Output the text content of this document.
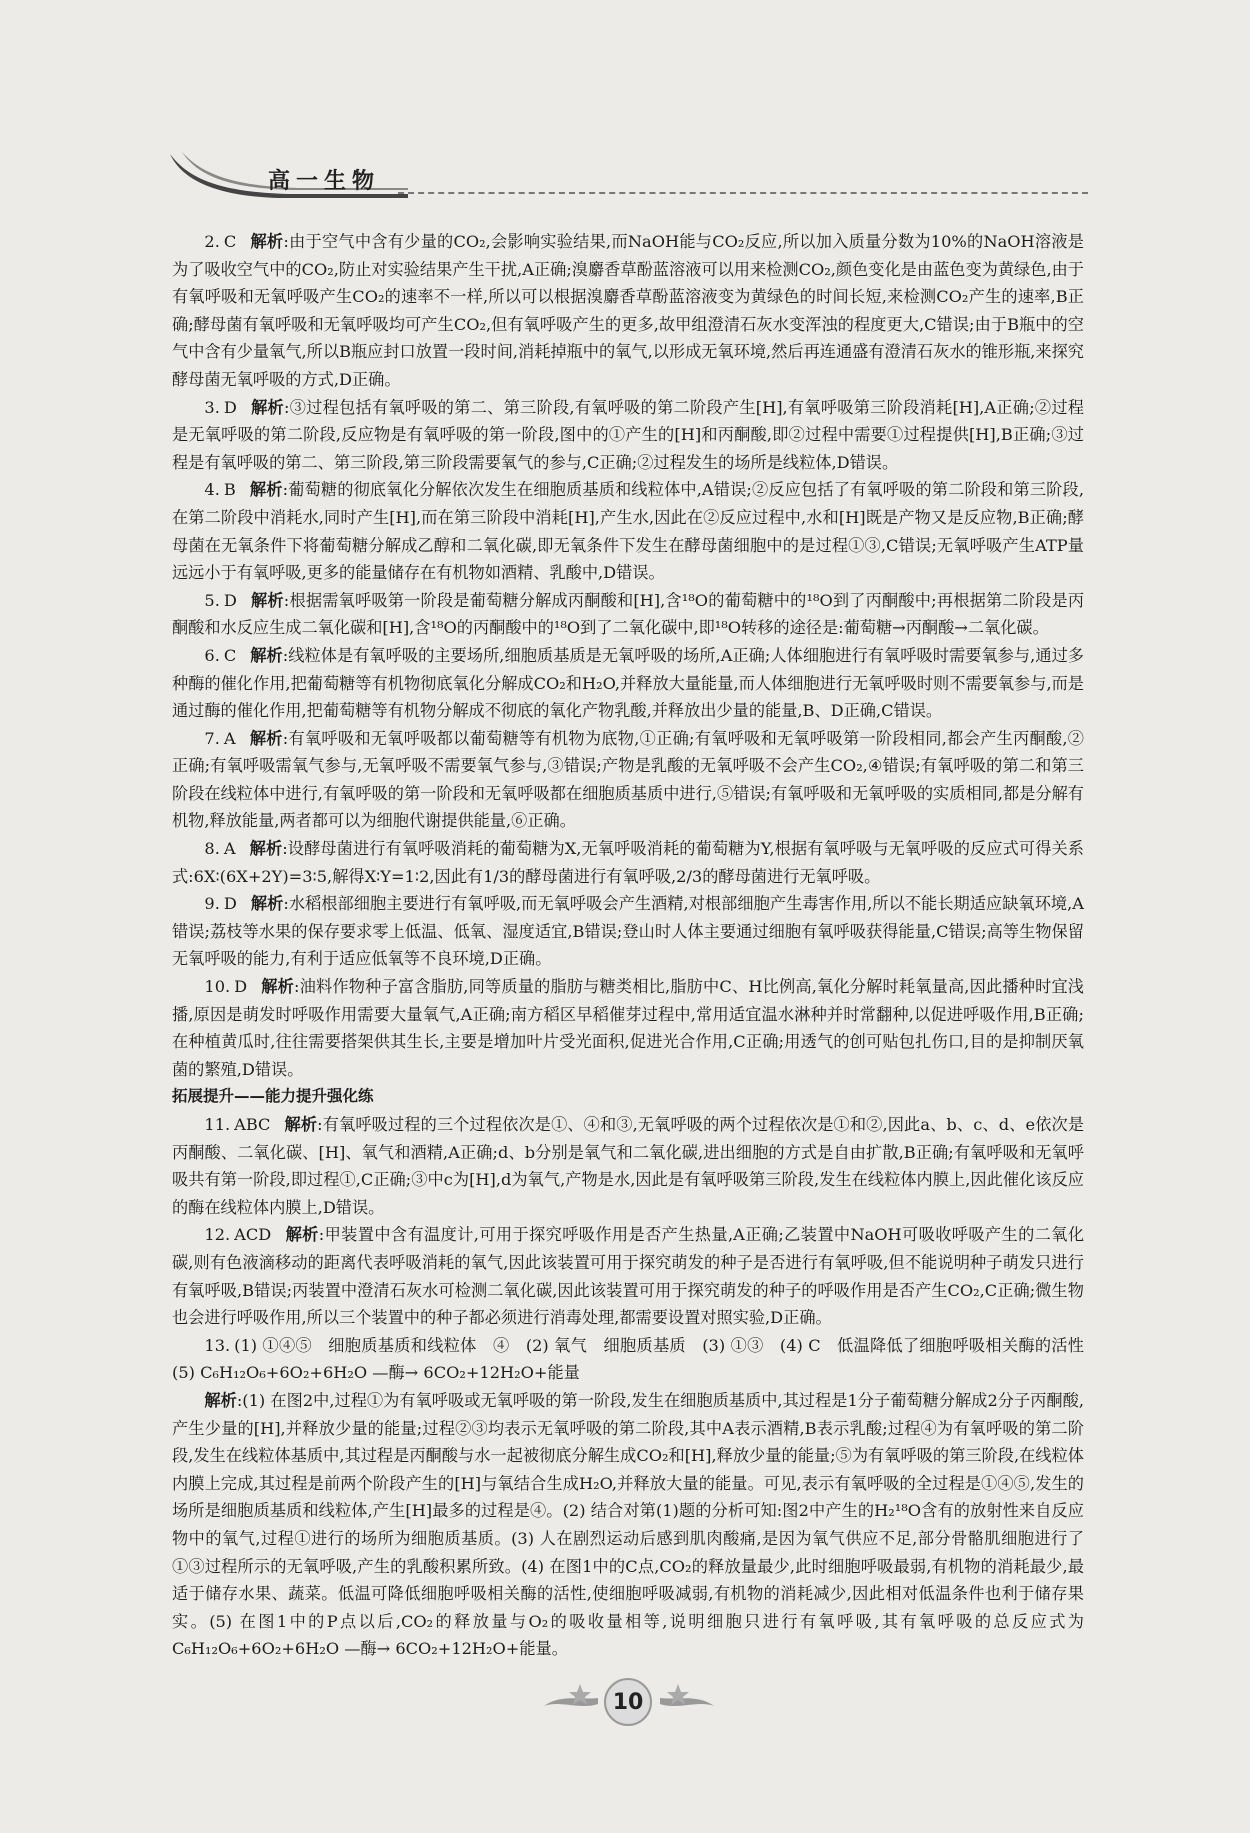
高一生物

2. C 解析:由于空气中含有少量的CO₂,会影响实验结果,而NaOH能与CO₂反应,所以加入质量分数为10%的NaOH溶液是为了吸收空气中的CO₂,防止对实验结果产生干扰,A正确;溴麝香草酚蓝溶液可以用来检测CO₂,颜色变化是由蓝色变为黄绿色,由于有氧呼吸和无氧呼吸产生CO₂的速率不一样,所以可以根据溴麝香草酚蓝溶液变为黄绿色的时间长短,来检测CO₂产生的速率,B正确;酵母菌有氧呼吸和无氧呼吸均可产生CO₂,但有氧呼吸产生的更多,故甲组澄清石灰水变浑浊的程度更大,C错误;由于B瓶中的空气中含有少量氧气,所以B瓶应封口放置一段时间,消耗掉瓶中的氧气,以形成无氧环境,然后再连通盛有澄清石灰水的锥形瓶,来探究酵母菌无氧呼吸的方式,D正确。

3. D 解析:③过程包括有氧呼吸的第二、第三阶段,有氧呼吸的第二阶段产生[H],有氧呼吸第三阶段消耗[H],A正确;②过程是无氧呼吸的第二阶段,反应物是有氧呼吸的第一阶段,图中的①产生的[H]和丙酮酸,即②过程中需要①过程提供[H],B正确;③过程是有氧呼吸的第二、第三阶段,第三阶段需要氧气的参与,C正确;②过程发生的场所是线粒体,D错误。

4. B 解析:葡萄糖的彻底氧化分解依次发生在细胞质基质和线粒体中,A错误;②反应包括了有氧呼吸的第二阶段和第三阶段,在第二阶段中消耗水,同时产生[H],而在第三阶段中消耗[H],产生水,因此在②反应过程中,水和[H]既是产物又是反应物,B正确;酵母菌在无氧条件下将葡萄糖分解成乙醇和二氧化碳,即无氧条件下发生在酵母菌细胞中的是过程①③,C错误;无氧呼吸产生ATP量远远小于有氧呼吸,更多的能量储存在有机物如酒精、乳酸中,D错误。

5. D 解析:根据需氧呼吸第一阶段是葡萄糖分解成丙酮酸和[H],含¹⁸O的葡萄糖中的¹⁸O到了丙酮酸中;再根据第二阶段是丙酮酸和水反应生成二氧化碳和[H],含¹⁸O的丙酮酸中的¹⁸O到了二氧化碳中,即¹⁸O转移的途径是:葡萄糖→丙酮酸→二氧化碳。

6. C 解析:线粒体是有氧呼吸的主要场所,细胞质基质是无氧呼吸的场所,A正确;人体细胞进行有氧呼吸时需要氧参与,通过多种酶的催化作用,把葡萄糖等有机物彻底氧化分解成CO₂和H₂O,并释放大量能量,而人体细胞进行无氧呼吸时则不需要氧参与,而是通过酶的催化作用,把葡萄糖等有机物分解成不彻底的氧化产物乳酸,并释放出少量的能量,B、D正确,C错误。

7. A 解析:有氧呼吸和无氧呼吸都以葡萄糖等有机物为底物,①正确;有氧呼吸和无氧呼吸第一阶段相同,都会产生丙酮酸,②正确;有氧呼吸需氧气参与,无氧呼吸不需要氧气参与,③错误;产物是乳酸的无氧呼吸不会产生CO₂,④错误;有氧呼吸的第二和第三阶段在线粒体中进行,有氧呼吸的第一阶段和无氧呼吸都在细胞质基质中进行,⑤错误;有氧呼吸和无氧呼吸的实质相同,都是分解有机物,释放能量,两者都可以为细胞代谢提供能量,⑥正确。

8. A 解析:设酵母菌进行有氧呼吸消耗的葡萄糖为X,无氧呼吸消耗的葡萄糖为Y,根据有氧呼吸与无氧呼吸的反应式可得关系式:6X∶(6X+2Y)=3∶5,解得X∶Y=1∶2,因此有1/3的酵母菌进行有氧呼吸,2/3的酵母菌进行无氧呼吸。

9. D 解析:水稻根部细胞主要进行有氧呼吸,而无氧呼吸会产生酒精,对根部细胞产生毒害作用,所以不能长期适应缺氧环境,A错误;荔枝等水果的保存要求零上低温、低氧、湿度适宜,B错误;登山时人体主要通过细胞有氧呼吸获得能量,C错误;高等生物保留无氧呼吸的能力,有利于适应低氧等不良环境,D正确。

10. D 解析:油料作物种子富含脂肪,同等质量的脂肪与糖类相比,脂肪中C、H比例高,氧化分解时耗氧量高,因此播种时宜浅播,原因是萌发时呼吸作用需要大量氧气,A正确;南方稻区早稻催芽过程中,常用适宜温水淋种并时常翻种,以促进呼吸作用,B正确;在种植黄瓜时,往往需要搭架供其生长,主要是增加叶片受光面积,促进光合作用,C正确;用透气的创可贴包扎伤口,目的是抑制厌氧菌的繁殖,D错误。

拓展提升——能力提升强化练

11. ABC 解析:有氧呼吸过程的三个过程依次是①、④和③,无氧呼吸的两个过程依次是①和②,因此a、b、c、d、e依次是丙酮酸、二氧化碳、[H]、氧气和酒精,A正确;d、b分别是氧气和二氧化碳,进出细胞的方式是自由扩散,B正确;有氧呼吸和无氧呼吸共有第一阶段,即过程①,C正确;③中c为[H],d为氧气,产物是水,因此是有氧呼吸第三阶段,发生在线粒体内膜上,因此催化该反应的酶在线粒体内膜上,D错误。

12. ACD 解析:甲装置中含有温度计,可用于探究呼吸作用是否产生热量,A正确;乙装置中NaOH可吸收呼吸产生的二氧化碳,则有色液滴移动的距离代表呼吸消耗的氧气,因此该装置可用于探究萌发的种子是否进行有氧呼吸,但不能说明种子萌发只进行有氧呼吸,B错误;丙装置中澄清石灰水可检测二氧化碳,因此该装置可用于探究萌发的种子的呼吸作用是否产生CO₂,C正确;微生物也会进行呼吸作用,所以三个装置中的种子都必须进行消毒处理,都需要设置对照实验,D正确。

13. (1) ①④⑤   细胞质基质和线粒体   ④   (2) 氧气   细胞质基质   (3) ①③   (4) C   低温降低了细胞呼吸相关酶的活性   (5) C₆H₁₂O₆+6O₂+6H₂O —酶→ 6CO₂+12H₂O+能量

解析:(1) 在图2中,过程①为有氧呼吸或无氧呼吸的第一阶段,发生在细胞质基质中,其过程是1分子葡萄糖分解成2分子丙酮酸,产生少量的[H],并释放少量的能量;过程②③均表示无氧呼吸的第二阶段,其中A表示酒精,B表示乳酸;过程④为有氧呼吸的第二阶段,发生在线粒体基质中,其过程是丙酮酸与水一起被彻底分解生成CO₂和[H],释放少量的能量;⑤为有氧呼吸的第三阶段,在线粒体内膜上完成,其过程是前两个阶段产生的[H]与氧结合生成H₂O,并释放大量的能量。可见,表示有氧呼吸的全过程是①④⑤,发生的场所是细胞质基质和线粒体,产生[H]最多的过程是④。(2) 结合对第(1)题的分析可知:图2中产生的H₂¹⁸O含有的放射性来自反应物中的氧气,过程①进行的场所为细胞质基质。(3) 人在剧烈运动后感到肌肉酸痛,是因为氧气供应不足,部分骨骼肌细胞进行了①③过程所示的无氧呼吸,产生的乳酸积累所致。(4) 在图1中的C点,CO₂的释放量最少,此时细胞呼吸最弱,有机物的消耗最少,最适于储存水果、蔬菜。低温可降低细胞呼吸相关酶的活性,使细胞呼吸减弱,有机物的消耗减少,因此相对低温条件也利于储存果实。(5) 在图1中的P点以后,CO₂的释放量与O₂的吸收量相等,说明细胞只进行有氧呼吸,其有氧呼吸的总反应式为C₆H₁₂O₆+6O₂+6H₂O —酶→ 6CO₂+12H₂O+能量。

10
